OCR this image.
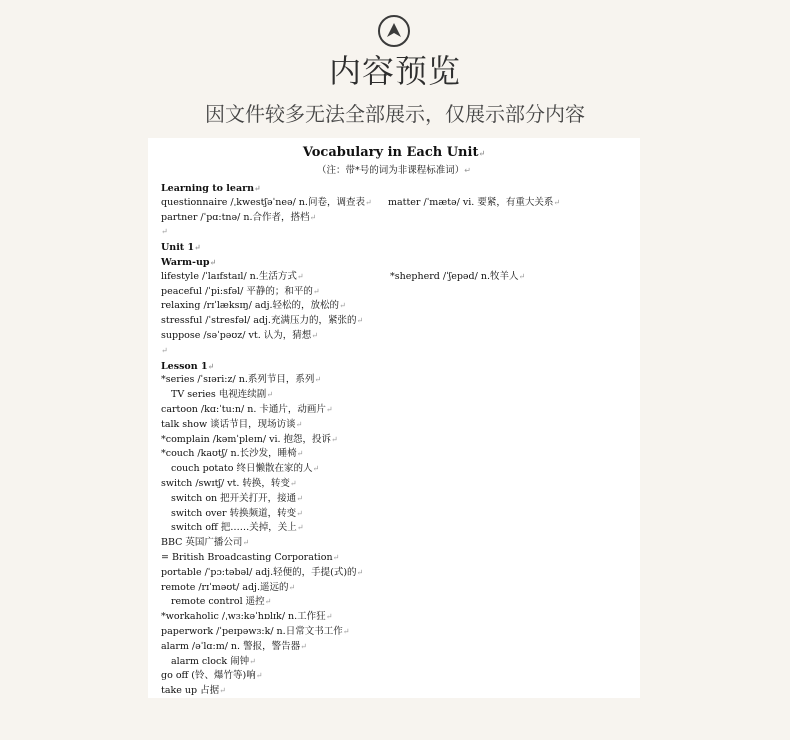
内容预览
因文件较多无法全部展示，仅展示部分内容
Vocabulary in Each Unit↵
（注：带*号的词为非课程标准词）↵
Learning to learn↵
questionnaire /ˌkwestʃəˈneə/ n.问卷，调查表↵ matter /ˈmætə/ vi. 要紧，有重大关系↵
partner /ˈpɑ:tnə/ n.合作者，搭档↵
↵
Unit 1↵
Warm-up↵
lifestyle /ˈlaɪfstaɪl/ n.生活方式↵	*shepherd /ˈʃepəd/ n.牧羊人↵
peaceful /ˈpi:sfəl/ 平静的；和平的↵
relaxing /rɪˈlæksɪŋ/ adj.轻松的，放松的↵
stressful /ˈstresfəl/ adj.充满压力的，紧张的↵
suppose /səˈpəʊz/ vt. 认为，猜想↵
↵
Lesson 1↵
*series /ˈsɪəri:z/ n.系列节目，系列↵
TV series 电视连续剧↵
cartoon /kɑ:ˈtu:n/ n. 卡通片，动画片↵
talk show 谈话节目，现场访谈↵
*complain /kəmˈpleɪn/ vi. 抱怨，投诉↵
*couch /kaʊtʃ/ n.长沙发，睡椅↵
couch potato 终日懒散在家的人↵
switch /swɪtʃ/ vt. 转换，转变↵
switch on 把开关打开，接通↵
switch over 转换频道，转变↵
switch off 把……关掉，关上↵
BBC 英国广播公司↵
= British Broadcasting Corporation↵
portable /ˈpɔ:təbəl/ adj.轻便的，手提(式)的↵
remote /rɪˈməʊt/ adj.遥远的↵
remote control 遥控↵
*workaholic /ˌwɜ:kəˈhɒlɪk/ n.工作狂↵
paperwork /ˈpeɪpəwɜ:k/ n.日常文书工作↵
alarm /əˈlɑ:m/ n. 警报，警告器↵
alarm clock 闹钟↵
go off (铃、爆竹等)响↵
take up 占据↵
